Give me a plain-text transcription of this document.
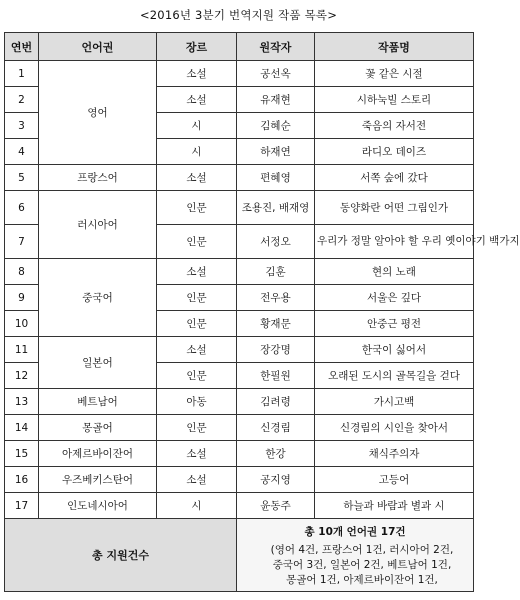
<2016년 3분기 번역지원 작품 목록>
연번	언어권	장르	원작자	작품명
1	영어	소설	공선옥	꽃 같은 시절
2		소설	유재현	시하눅빌 스토리
3		시	김혜순	죽음의 자서전
4		시	하재연	라디오 데이즈
5	프랑스어	소설	편혜영	서쪽 숲에 갔다
6	러시아어	인문	조용진, 배재영	동양화란 어떤 그림인가
7		인문	서정오	우리가 정말 알아야 할 우리 옛이야기 백가지
8	중국어	소설	김훈	현의 노래
9		인문	전우용	서울은 깊다
10		인문	황재문	안중근 평전
11	일본어	소설	장강명	한국이 싫어서
12		인문	한필원	오래된 도시의 골목길을 걷다
13	베트남어	아동	김려령	가시고백
14	몽골어	인문	신경림	신경림의 시인을 찾아서
15	아제르바이잔어	소설	한강	채식주의자
16	우즈베키스탄어	소설	공지영	고등어
17	인도네시아어	시	윤동주	하늘과 바람과 별과 시
총 지원건수			총 10개 언어권 17건
(영어 4건, 프랑스어 1건, 러시아어 2건,
중국어 3건, 일본어 2건, 베트남어 1건,
몽골어 1건, 아제르바이잔어 1건,	
